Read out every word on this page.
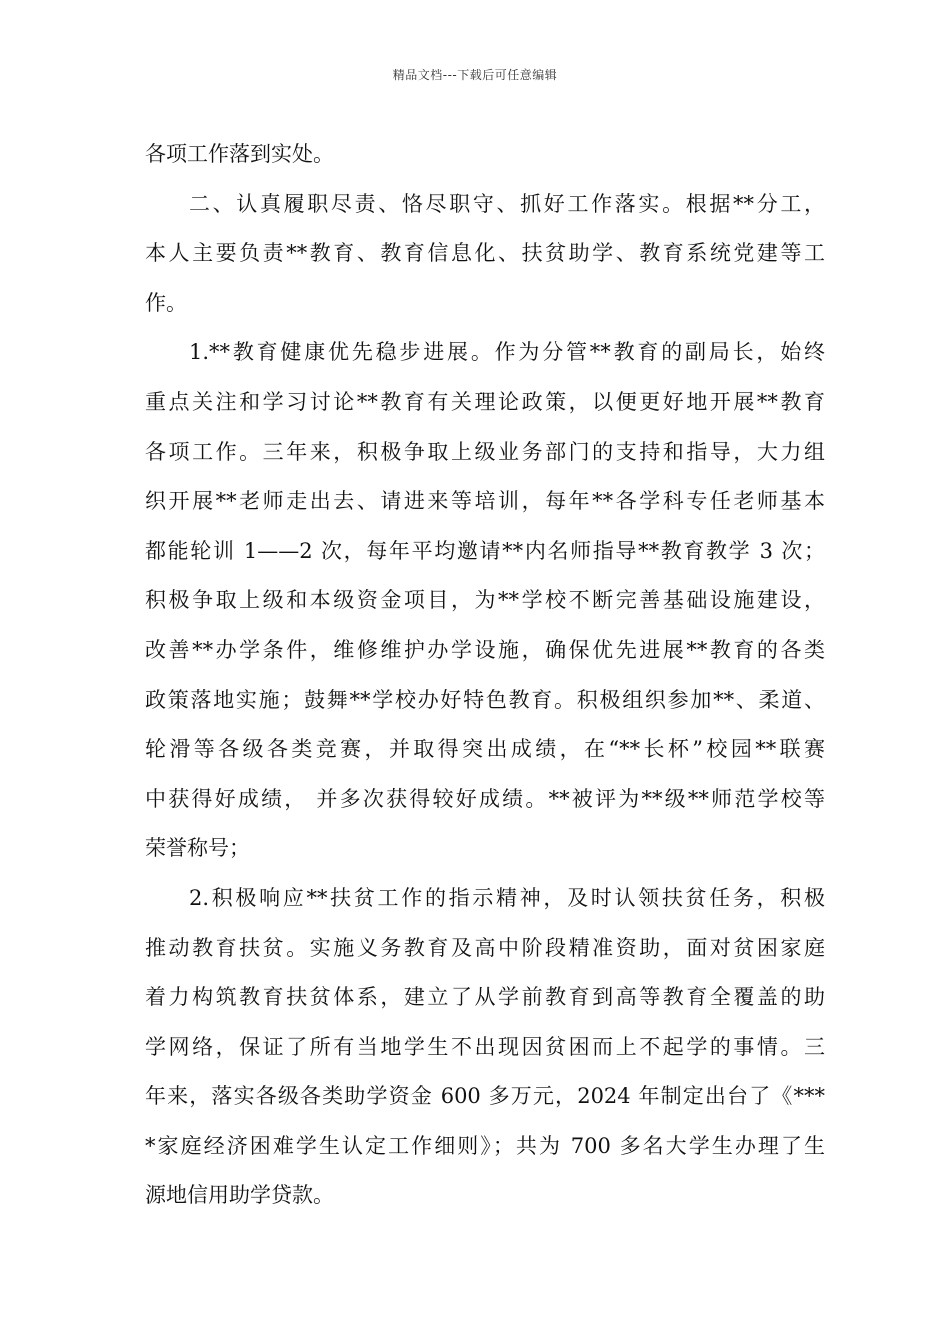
精品文档---下载后可任意编辑
各项工作落到实处。
二、认真履职尽责、恪尽职守、抓好工作落实。根据**分工，
本人主要负责**教育、教育信息化、扶贫助学、教育系统党建等工
作。
1.**教育健康优先稳步进展。作为分管**教育的副局长，始终
重点关注和学习讨论**教育有关理论政策，以便更好地开展**教育
各项工作。三年来，积极争取上级业务部门的支持和指导，大力组
织开展**老师走出去、请进来等培训，每年**各学科专任老师基本
都能轮训 1——2 次，每年平均邀请**内名师指导**教育教学 3 次；
积极争取上级和本级资金项目，为**学校不断完善基础设施建设，
改善**办学条件，维修维护办学设施，确保优先进展**教育的各类
政策落地实施；鼓舞**学校办好特色教育。积极组织参加**、柔道、
轮滑等各级各类竞赛，并取得突出成绩，在“**长杯”校园**联赛
中获得好成绩， 并多次获得较好成绩。**被评为**级**师范学校等
荣誉称号；
2.积极响应**扶贫工作的指示精神，及时认领扶贫任务，积极
推动教育扶贫。实施义务教育及高中阶段精准资助，面对贫困家庭
着力构筑教育扶贫体系，建立了从学前教育到高等教育全覆盖的助
学网络，保证了所有当地学生不出现因贫困而上不起学的事情。三
年来，落实各级各类助学资金 600 多万元，2024 年制定出台了《***
*家庭经济困难学生认定工作细则》；共为 700 多名大学生办理了生
源地信用助学贷款。
